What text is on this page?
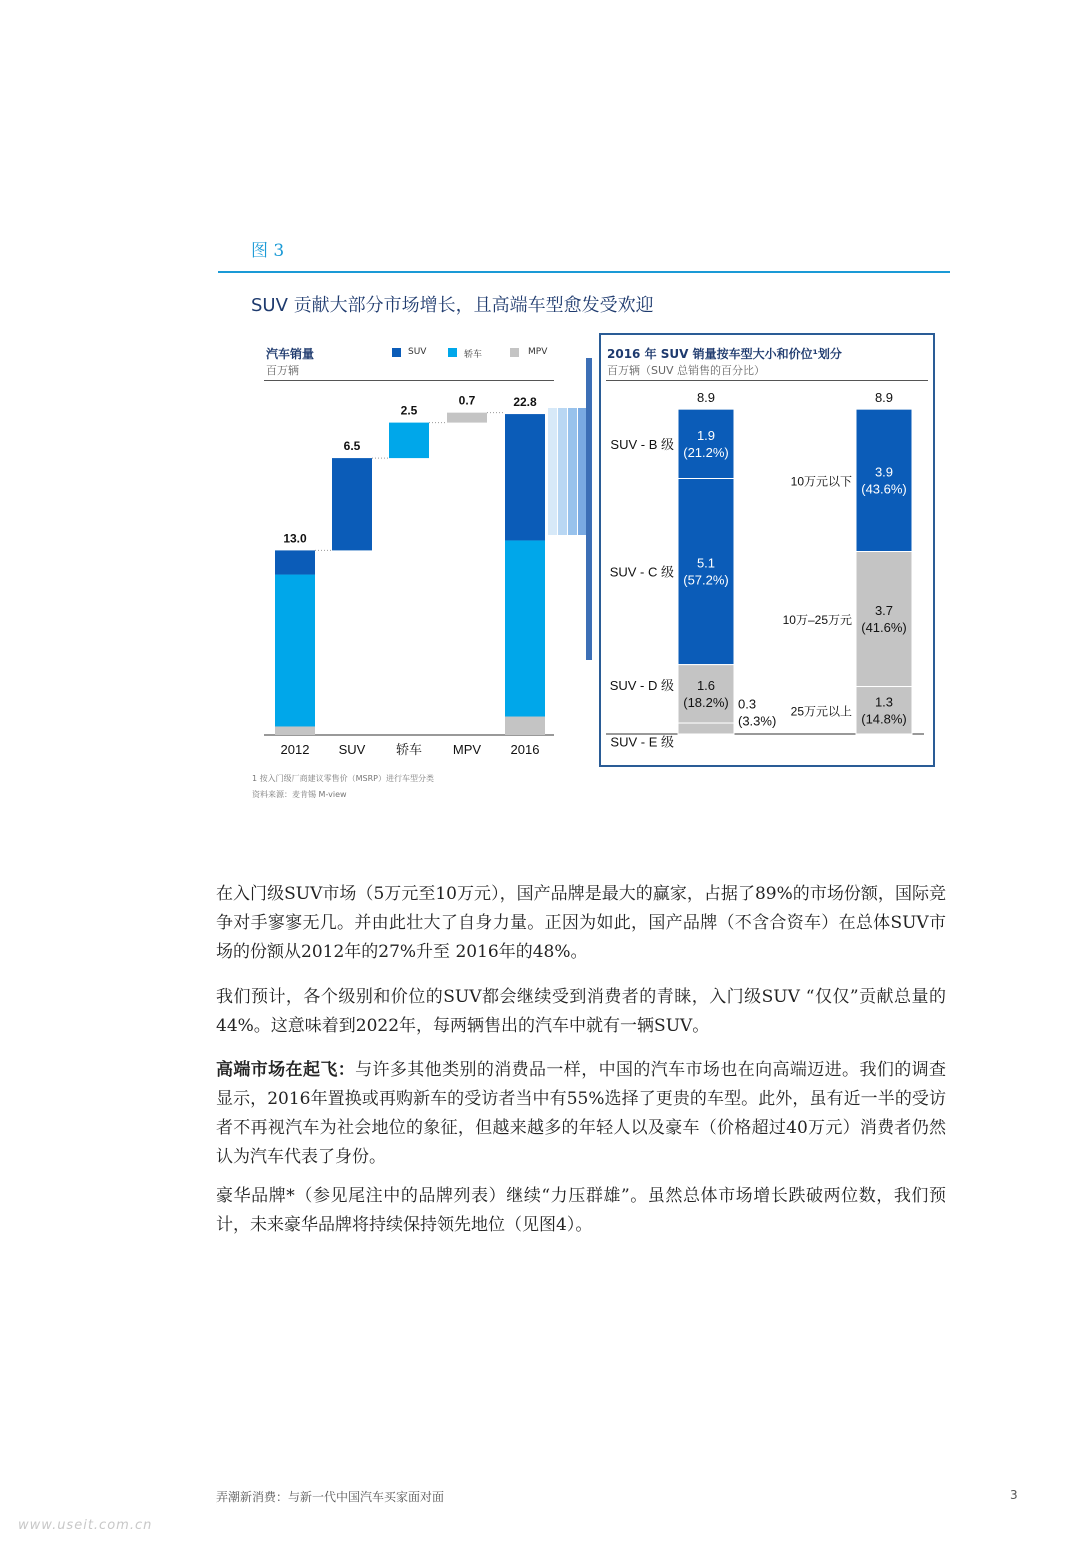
图 3
SUV 贡献大部分市场增长，且高端车型愈发受欢迎
汽车销量
百万辆
SUV	轿车	MPV
13.0
2012
6.5
SUV
2.5
轿车
0.7
MPV
22.8
2016
2016 年 SUV 销量按车型大小和价位¹划分
百万辆（SUV 总销售的百分比）
8.9
1.9
(21.2%)
SUV - B 级
5.1
(57.2%)
SUV - C 级
1.6
(18.2%)
SUV - D 级
0.3
(3.3%)
SUV - E 级
8.9
3.9
(43.6%)
10万元以下
3.7
(41.6%)
10万–25万元
1.3
(14.8%)
25万元以上
1 按入门级厂商建议零售价（MSRP）进行车型分类
资料来源：麦肯锡 M-view
在入门级SUV市场（5万元至10万元），国产品牌是最大的赢家，占据了89%的市场份额，国际竞争对手寥寥无几。并由此壮大了自身力量。正因为如此，国产品牌（不含合资车）在总体SUV市场的份额从2012年的27%升至 2016年的48%。
我们预计，各个级别和价位的SUV都会继续受到消费者的青睐，入门级SUV “仅仅”贡献总量的44%。这意味着到2022年，每两辆售出的汽车中就有一辆SUV。
高端市场在起飞：与许多其他类别的消费品一样，中国的汽车市场也在向高端迈进。我们的调查显示，2016年置换或再购新车的受访者当中有55%选择了更贵的车型。此外，虽有近一半的受访者不再视汽车为社会地位的象征，但越来越多的年轻人以及豪车（价格超过40万元）消费者仍然认为汽车代表了身份。
豪华品牌*（参见尾注中的品牌列表）继续“力压群雄”。虽然总体市场增长跌破两位数，我们预计，未来豪华品牌将持续保持领先地位（见图4）。
弄潮新消费：与新一代中国汽车买家面对面	3
www.useit.com.cn
